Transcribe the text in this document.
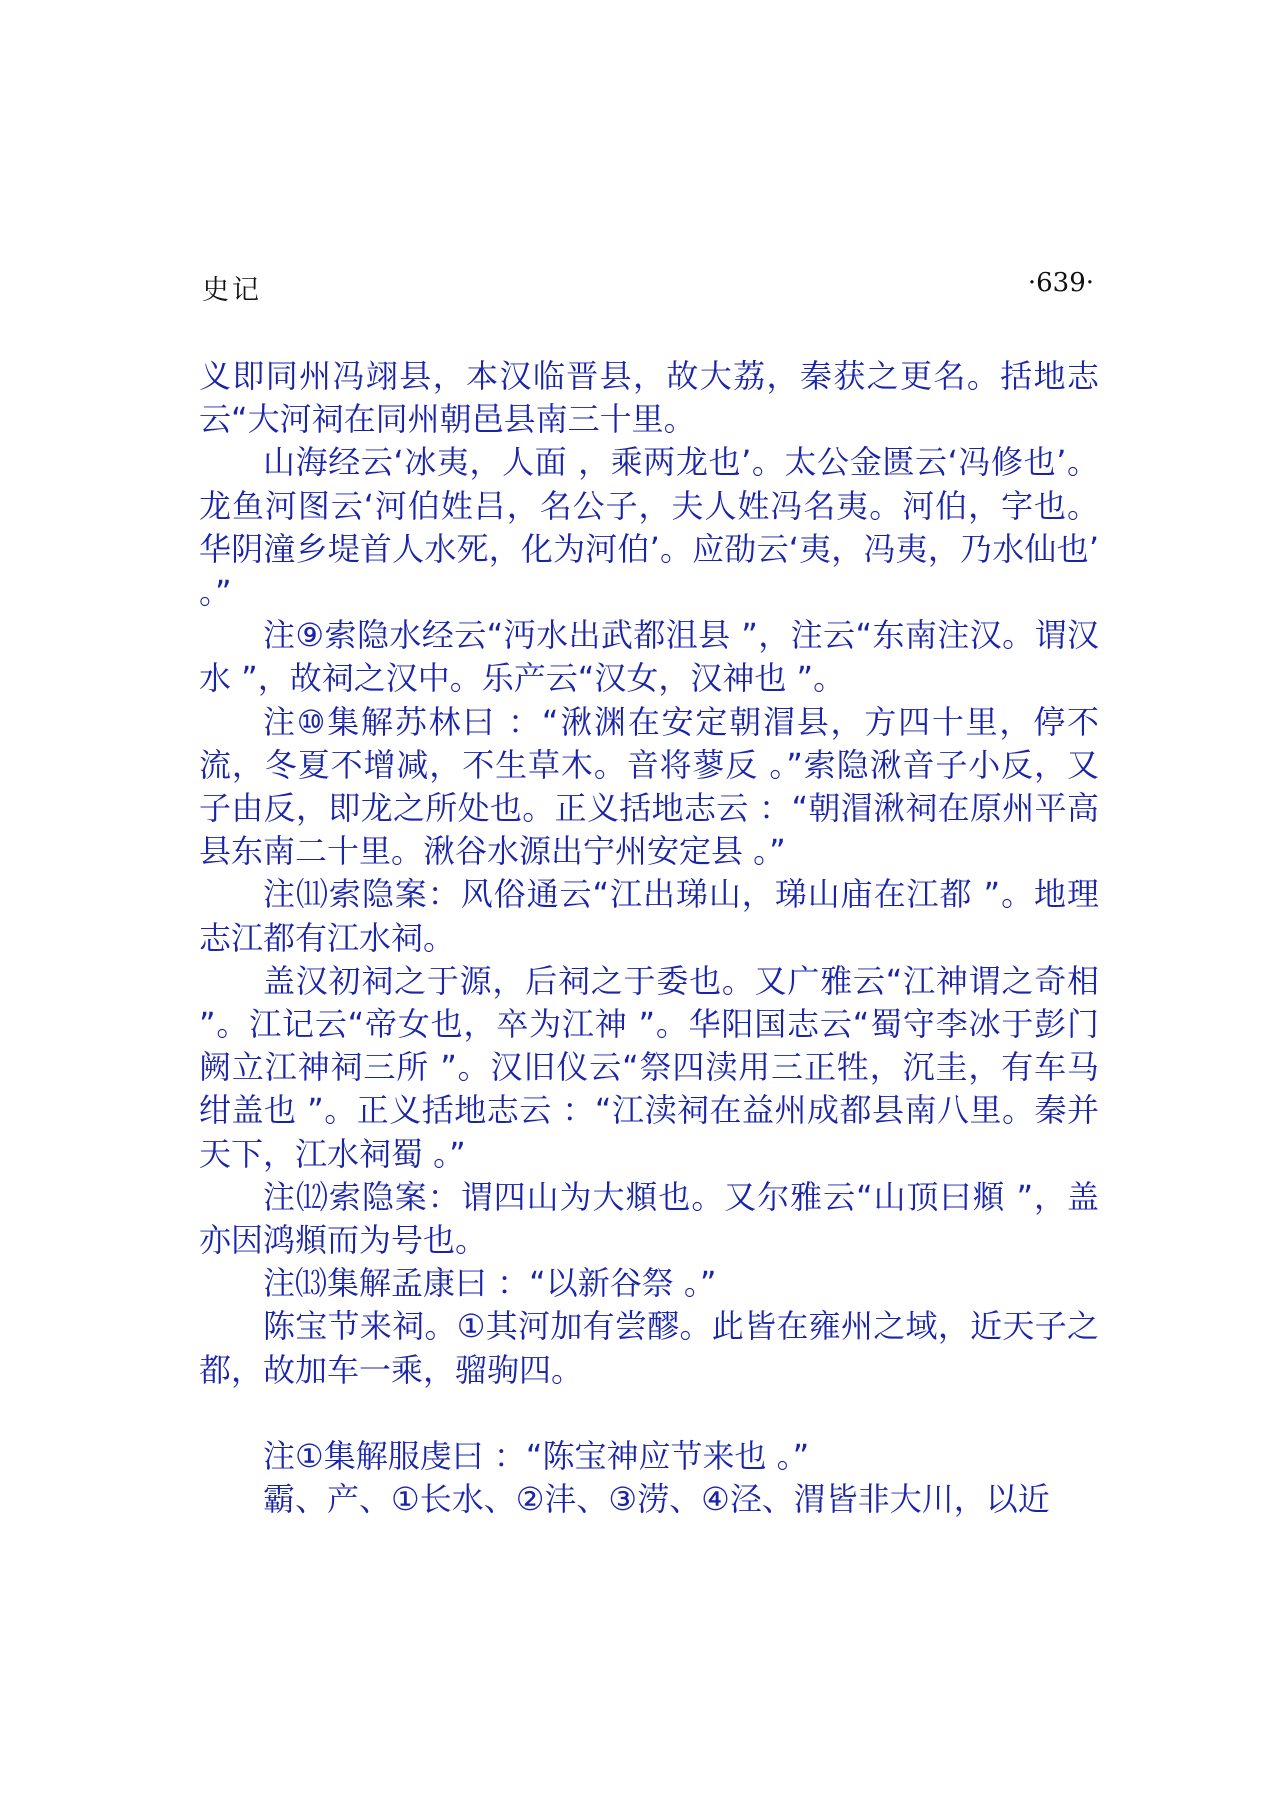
史记	·639·

义即同州冯翊县，本汉临晋县，故大荔，秦获之更名。括地志云“大河祠在同州朝邑县南三十里。

山海经云‘冰夷，人面 ，乘两龙也’。太公金匮云‘冯修也’。龙鱼河图云‘河伯姓吕，名公子，夫人姓冯名夷。河伯，字也。华阴潼乡堤首人水死，化为河伯’。应劭云‘夷，冯夷，乃水仙也’ 。”

注⑨索隐水经云“沔水出武都沮县 ”，注云“东南注汉。谓汉水 ”，故祠之汉中。乐产云“汉女，汉神也 ”。

注⑩集解苏林曰 ：“湫渊在安定朝㴘县，方四十里，停不流，冬夏不增减，不生草木。音将蓼反 。”索隐湫音子小反，又子由反，即龙之所处也。正义括地志云 ：“朝㴘湫祠在原州平高县东南二十里。湫谷水源出宁州安定县 。”

注⑾索隐案：风俗通云“江出珶山，珶山庙在江都 ”。地理志江都有江水祠。

盖汉初祠之于源，后祠之于委也。又广雅云“江神谓之奇相 ”。江记云“帝女也，卒为江神 ”。华阳国志云“蜀守李冰于彭门阙立江神祠三所 ”。汉旧仪云“祭四渎用三正牲，沉圭，有车马绀盖也 ”。正义括地志云 ：“江渎祠在益州成都县南八里。秦并天下，江水祠蜀 。”

注⑿索隐案：谓四山为大頫也。又尔雅云“山顶曰頫 ”，盖亦因鸿頫而为号也。

注⒀集解孟康曰 ：“以新谷祭 。”

陈宝节来祠。①其河加有尝醪。此皆在雍州之域，近天子之都，故加车一乘，骝驹四。

注①集解服虔曰 ：“陈宝神应节来也 。”

霸、产、①长水、②沣、③涝、④泾、渭皆非大川，以近
